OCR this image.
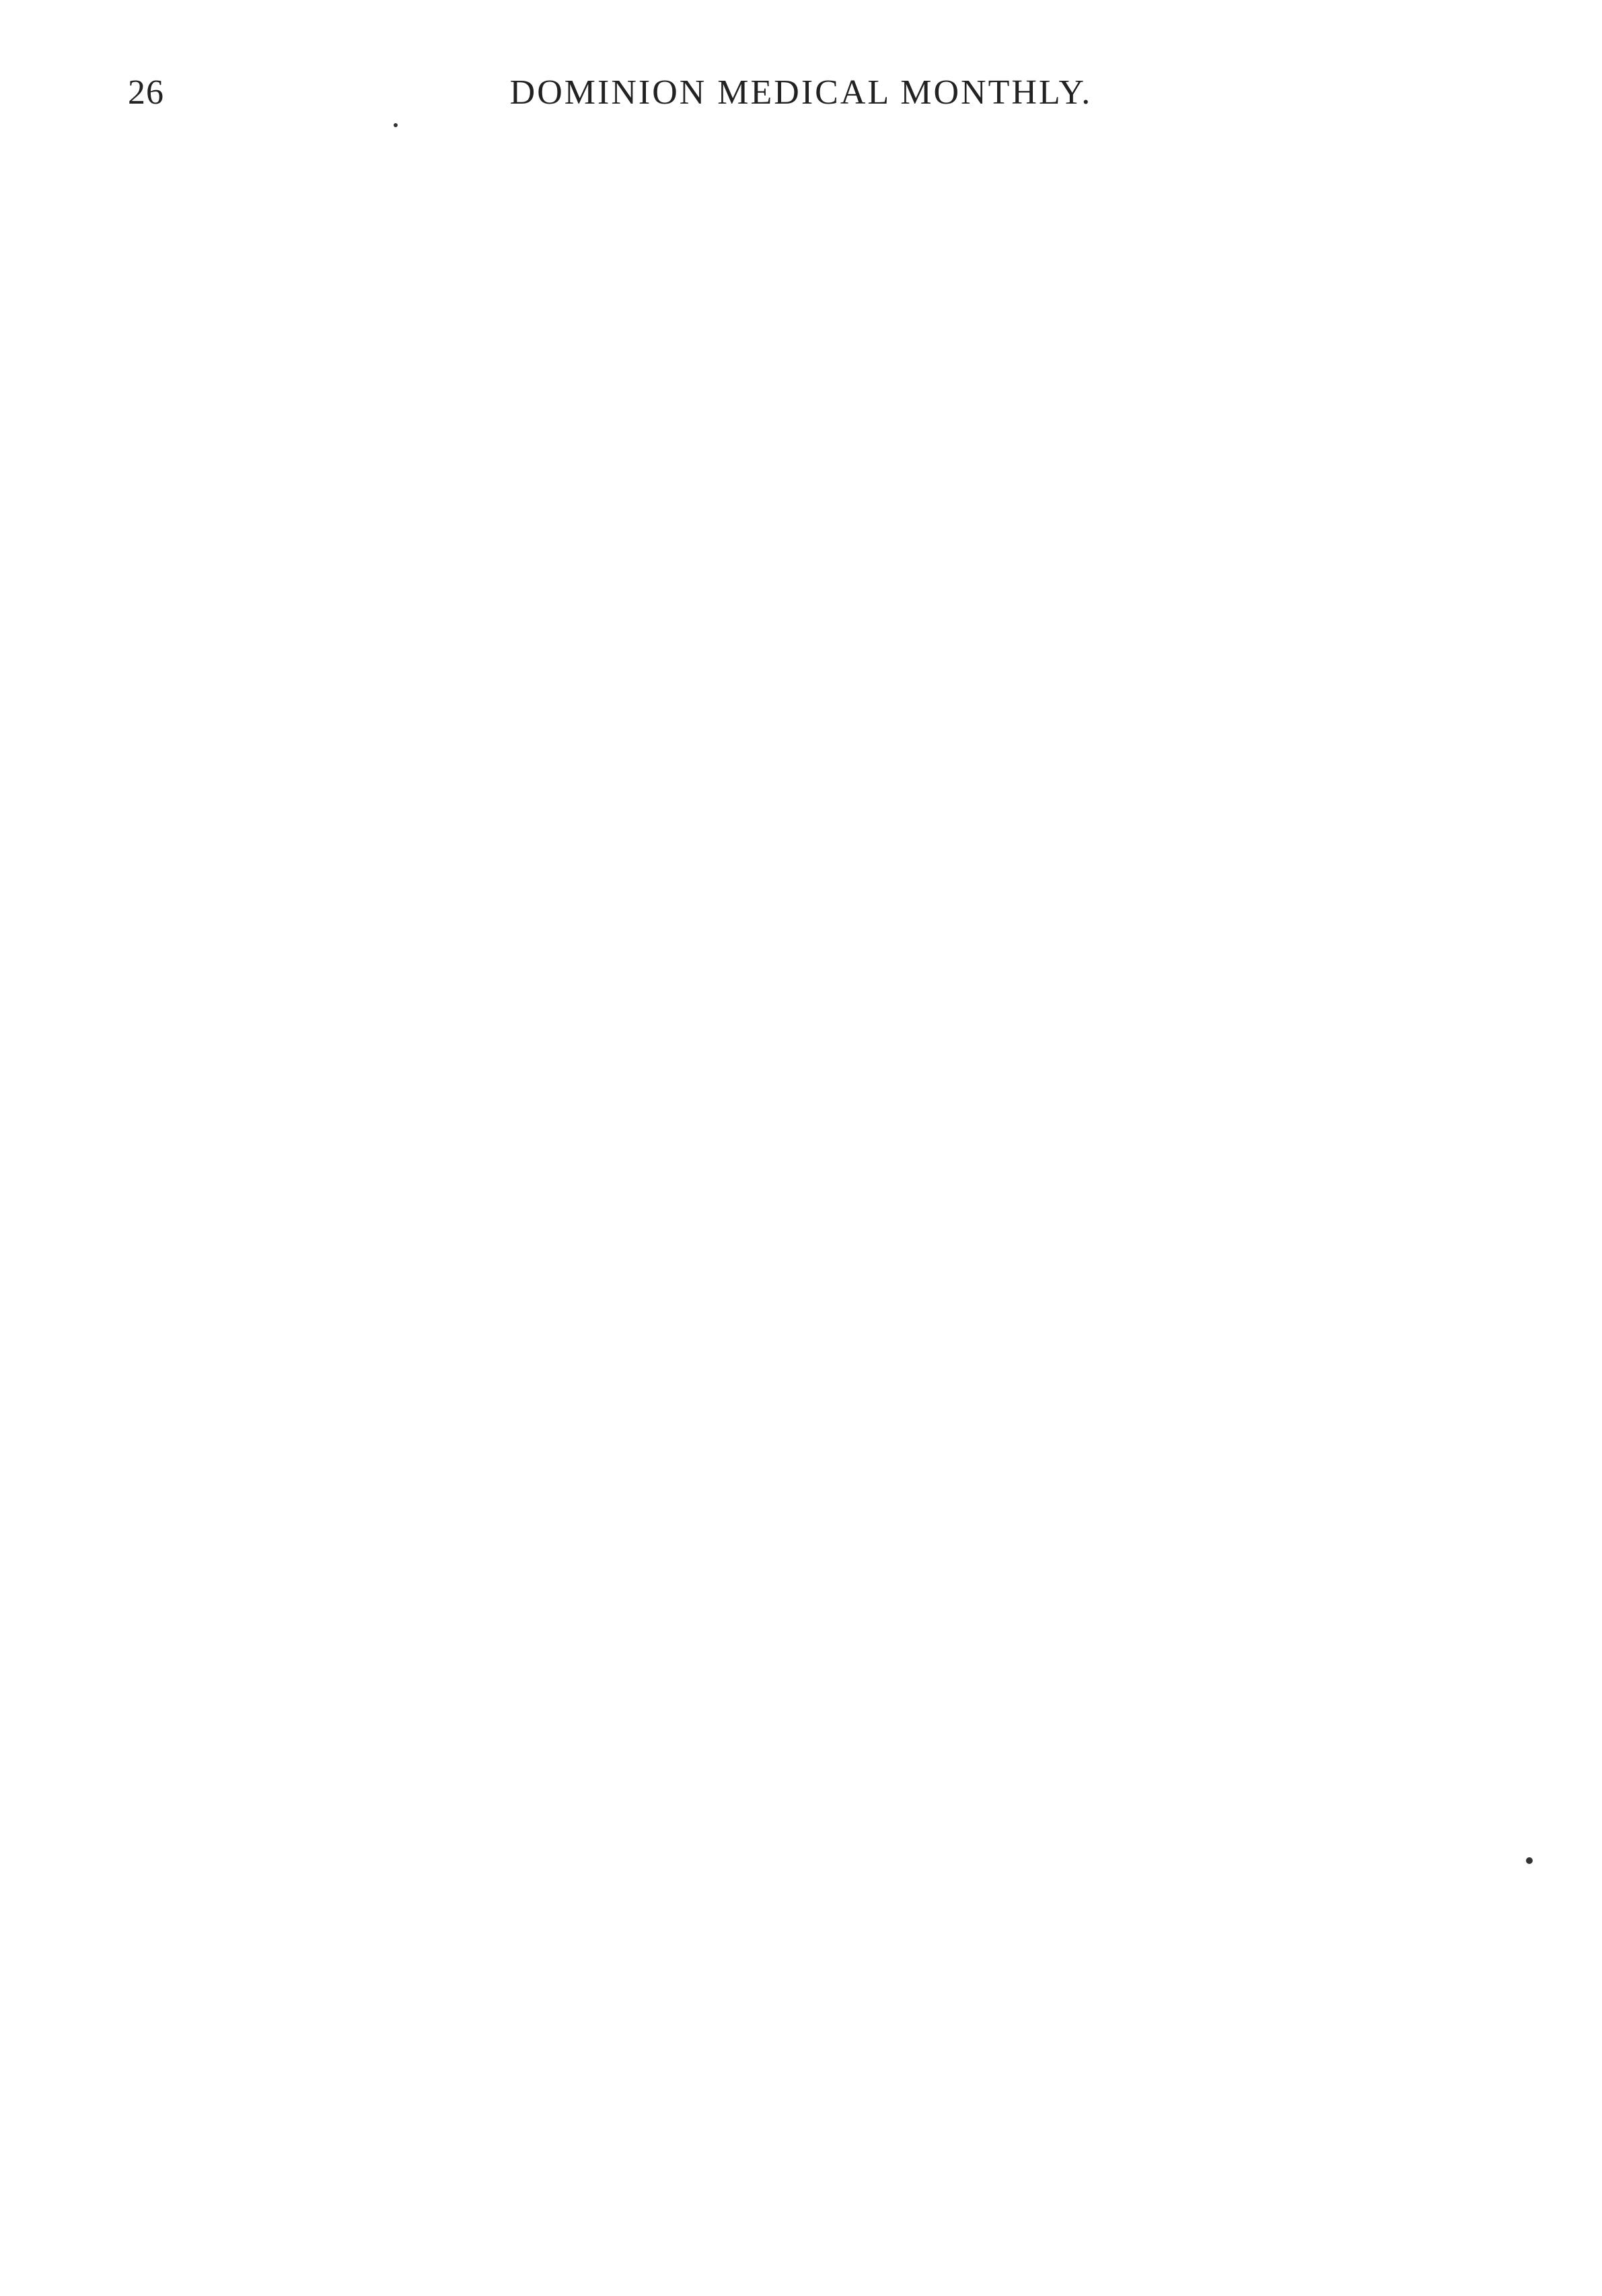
26	DOMINION MEDICAL MONTHLY.
